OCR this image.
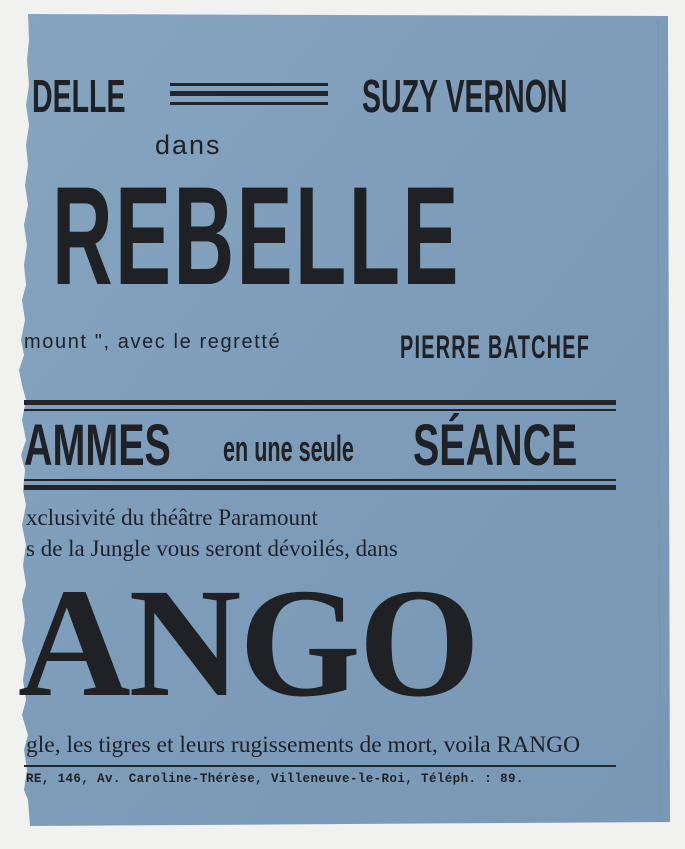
DELLE	SUZY VERNON
dans
REBELLE
mount ", avec le regretté	PIERRE BATCHEF
AMMES en une seule SÉANCE
xclusivité du théâtre Paramount
s de la Jungle vous seront dévoilés, dans
ANGO
gle, les tigres et leurs rugissements de mort, voila RANGO
RE, 146, Av. Caroline-Thérèse, Villeneuve-le-Roi, Téléph. : 89.
